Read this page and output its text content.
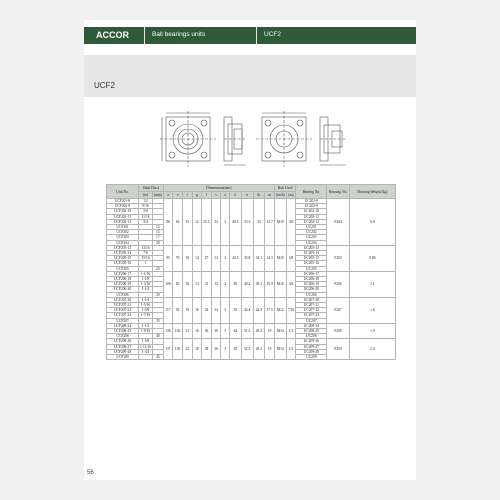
ACCOR	Ball bearings units	UCF2
UCF2
Unit No.	Shaft Dia.d		Dimensions(mm)											Bolt Used		Bearing No.	Housing No.	Housing Weight (kg)
	(in)	(mm)	a	e	i	g	l	s	z	b	n	bi	m	(inch)	(m)			
UCF201-8	1/2		86	64	15	12	25.5	12	2	40.5	33.3	33	12.7	M10	3/8	UC201-8	F204	0.6
UCF202-9	9/16															UC202-9		
UCF202-10	5/8															UC202-10		
UCF203-11	11/16															UC203-11		
UCF204-12	3/4															UC204-12		
UCF201		12														UC201		
UCF202		15														UC202		
UCF203		17														UC203		
UCF204		20														UC204		
UCF205-13	13/16		95	70	16	14	27	12	2	44.5	35.8	34.1	14.3	M10	3/8	UC205-13	F205	0.86
UCF205-14	7/8															UC205-14		
UCF205-15	15/16															UC205-15		
UCF205-16	1															UC205-16		
UCF205		25														UC205		
UCF206-17	1-1/16		108	83	18	14	31	12	2	49	40.2	38.1	15.9	M10	3/8	UC206-17	F206	1.1
UCF206-18	1-1/8															UC206-18		
UCF206-19	1-3/16															UC206-19		
UCF206-20	1-1/4															UC206-20		
UCF206		30														UC206		
UCF207-20	1-1/4		117	92	19	16	34	14	3	55	44.4	42.9	17.5	M12	7/16	UC207-20	F207	1.6
UCF207-21	1-5/16															UC207-21		
UCF207-22	1-3/8															UC207-22		
UCF207-23	1-7/16															UC207-23		
UCF207		35														UC207		
UCF208-24	1-1/2		130	102	21	16	36	16	3	62	51.2	49.2	19	M14	1/2	UC208-24	F208	1.9
UCF208-25	1-9/16															UC208-25		
UCF208		40														UC208		
UCF209-26	1-5/8		137	105	22	18	38	16	3	65	52.2	49.2	19	M14	1/2	UC209-26	F209	2.4
UCF209-27	1-11/16															UC209-27		
UCF209-28	1-3/4															UC209-28		
UCF209		45														UC209		
56
